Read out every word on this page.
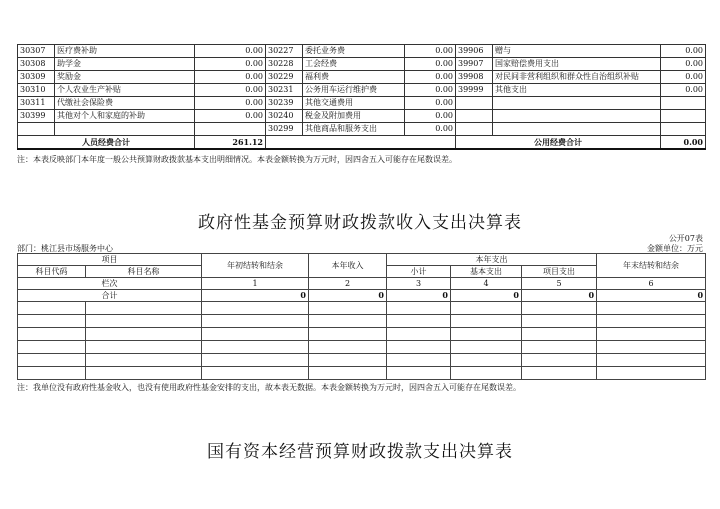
30307	医疗费补助	0.00	30227	委托业务费	0.00	39906	赠与	0.00
30308	助学金	0.00	30228	工会经费	0.00	39907	国家赔偿费用支出	0.00
30309	奖励金	0.00	30229	福利费	0.00	39908	对民间非营利组织和群众性自治组织补贴	0.00
30310	个人农业生产补贴	0.00	30231	公务用车运行维护费	0.00	39999	其他支出	0.00
30311	代缴社会保险费	0.00	30239	其他交通费用	0.00			
30399	其他对个人和家庭的补助	0.00	30240	税金及附加费用	0.00			
			30299	其他商品和服务支出	0.00			
人员经费合计		261.12				公用经费合计		0.00
注：本表反映部门本年度一般公共预算财政拨款基本支出明细情况。本表金额转换为万元时，因四舍五入可能存在尾数误差。
政府性基金预算财政拨款收入支出决算表
公开07表
部门：桃江县市场服务中心	金额单位：万元
项目		年初结转和结余	本年收入	本年支出			年末结转和结余
科目代码	科目名称			小计	基本支出	项目支出	
栏次		1	2	3	4	5	6
合计		0	0	0	0	0	0

注：我单位没有政府性基金收入，也没有使用政府性基金安排的支出，故本表无数据。本表金额转换为万元时，因四舍五入可能存在尾数误差。
国有资本经营预算财政拨款支出决算表
